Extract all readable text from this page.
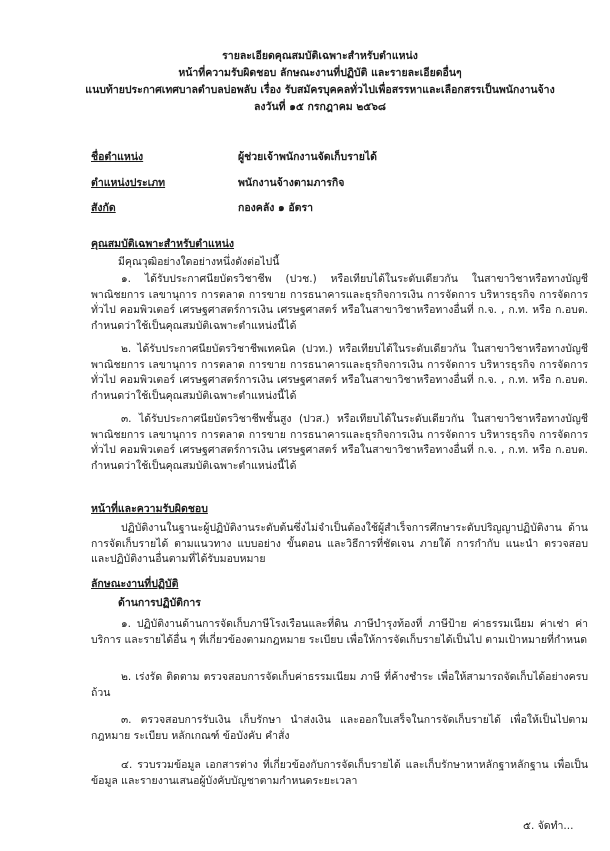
รายละเอียดคุณสมบัติเฉพาะสำหรับตำแหน่ง
หน้าที่ความรับผิดชอบ ลักษณะงานที่ปฏิบัติ และรายละเอียดอื่นๆ
แนบท้ายประกาศเทศบาลตำบลบ่อพลับ เรื่อง รับสมัครบุคคลทั่วไปเพื่อสรรหาและเลือกสรรเป็นพนักงานจ้าง
ลงวันที่ ๑๕ กรกฎาคม ๒๕๖๘
ชื่อตำแหน่ง	ผู้ช่วยเจ้าพนักงานจัดเก็บรายได้
ตำแหน่งประเภท	พนักงานจ้างตามภารกิจ
สังกัด	กองคลัง ๑ อัตรา
คุณสมบัติเฉพาะสำหรับตำแหน่ง
มีคุณวุฒิอย่างใดอย่างหนึ่งดังต่อไปนี้
๑. ได้รับประกาศนียบัตรวิชาชีพ (ปวช.) หรือเทียบได้ในระดับเดียวกัน ในสาขาวิชาหรือทางบัญชี พาณิชยการ เลขานุการ การตลาด การขาย การธนาคารและธุรกิจการเงิน การจัดการ บริหารธุรกิจ การจัดการทั่วไป คอมพิวเตอร์ เศรษฐศาสตร์การเงิน เศรษฐศาสตร์ หรือในสาขาวิชาหรือทางอื่นที่ ก.จ. , ก.ท. หรือ ก.อบต. กำหนดว่าใช้เป็นคุณสมบัติเฉพาะตำแหน่งนี้ได้
๒. ได้รับประกาศนียบัตรวิชาชีพเทคนิค (ปวท.) หรือเทียบได้ในระดับเดียวกัน ในสาขาวิชาหรือทางบัญชี พาณิชยการ เลขานุการ การตลาด การขาย การธนาคารและธุรกิจการเงิน การจัดการ บริหารธุรกิจ การจัดการทั่วไป คอมพิวเตอร์ เศรษฐศาสตร์การเงิน เศรษฐศาสตร์ หรือในสาขาวิชาหรือทางอื่นที่ ก.จ. , ก.ท. หรือ ก.อบต. กำหนดว่าใช้เป็นคุณสมบัติเฉพาะตำแหน่งนี้ได้
๓. ได้รับประกาศนียบัตรวิชาชีพชั้นสูง (ปวส.) หรือเทียบได้ในระดับเดียวกัน ในสาขาวิชาหรือทางบัญชี พาณิชยการ เลขานุการ การตลาด การขาย การธนาคารและธุรกิจการเงิน การจัดการ บริหารธุรกิจ การจัดการทั่วไป คอมพิวเตอร์ เศรษฐศาสตร์การเงิน เศรษฐศาสตร์ หรือในสาขาวิชาหรือทางอื่นที่ ก.จ. , ก.ท. หรือ ก.อบต. กำหนดว่าใช้เป็นคุณสมบัติเฉพาะตำแหน่งนี้ได้
หน้าที่และความรับผิดชอบ
ปฏิบัติงานในฐานะผู้ปฏิบัติงานระดับต้นซึ่งไม่จำเป็นต้องใช้ผู้สำเร็จการศึกษาระดับปริญญาปฏิบัติงาน ด้านการจัดเก็บรายได้ ตามแนวทาง แบบอย่าง ขั้นตอน และวิธีการที่ชัดเจน ภายใต้ การกำกับ แนะนำ ตรวจสอบ และปฏิบัติงานอื่นตามที่ได้รับมอบหมาย
ลักษณะงานที่ปฏิบัติ
ด้านการปฏิบัติการ
๑. ปฏิบัติงานด้านการจัดเก็บภาษีโรงเรือนและที่ดิน ภาษีบำรุงท้องที่ ภาษีป้าย ค่าธรรมเนียม ค่าเช่า ค่าบริการ และรายได้อื่น ๆ ที่เกี่ยวข้องตามกฎหมาย ระเบียบ เพื่อให้การจัดเก็บรายได้เป็นไป ตามเป้าหมายที่กำหนด
๒. เร่งรัด ติดตาม ตรวจสอบการจัดเก็บค่าธรรมเนียม ภาษี ที่ค้างชำระ เพื่อให้สามารถจัดเก็บได้อย่างครบถ้วน
๓. ตรวจสอบการรับเงิน เก็บรักษา นำส่งเงิน และออกใบเสร็จในการจัดเก็บรายได้ เพื่อให้เป็นไปตามกฎหมาย ระเบียบ หลักเกณฑ์ ข้อบังคับ คำสั่ง
๔. รวบรวมข้อมูล เอกสารต่าง ที่เกี่ยวข้องกับการจัดเก็บรายได้ และเก็บรักษาหาหลักฐาหลักฐาน เพื่อเป็นข้อมูล และรายงานเสนอผู้บังคับบัญชาตามกำหนดระยะเวลา
๕. จัดทำ...
